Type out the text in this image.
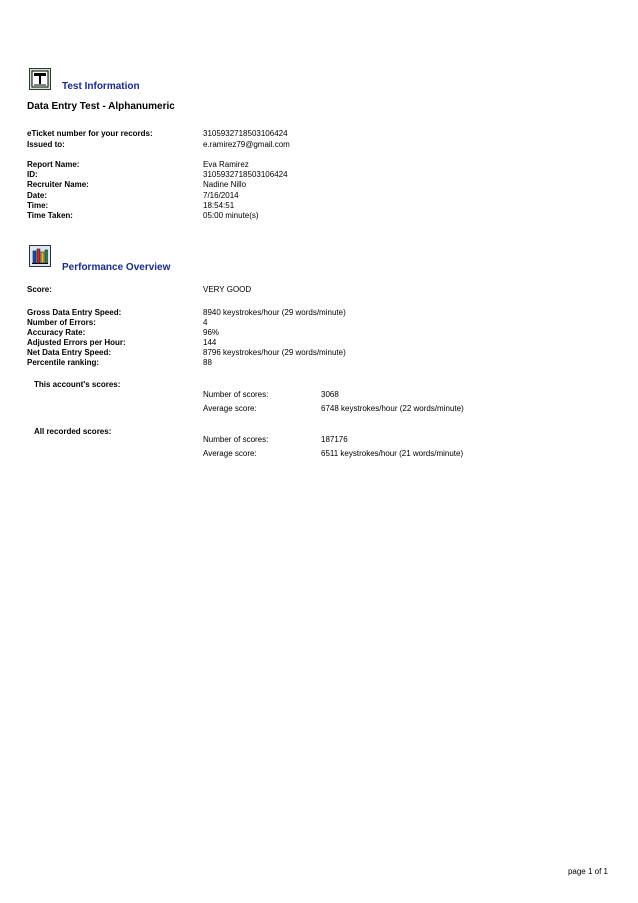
Test Information
Data Entry Test - Alphanumeric
eTicket number for your records:	3105932718503106424
Issued to:	e.ramirez79@gmail.com
Report Name:	Eva Ramirez
ID:	3105932718503106424
Recruiter Name:	Nadine Nillo
Date:	7/16/2014
Time:	18:54:51
Time Taken:	05:00 minute(s)
Performance Overview
Score:	VERY GOOD
Gross Data Entry Speed:	8940 keystrokes/hour (29 words/minute)
Number of Errors:	4
Accuracy Rate:	96%
Adjusted Errors per Hour:	144
Net Data Entry Speed:	8796 keystrokes/hour (29 words/minute)
Percentile ranking:	88
This account's scores:
Number of scores:	3068
Average score:	6748 keystrokes/hour (22 words/minute)
All recorded scores:
Number of scores:	187176
Average score:	6511 keystrokes/hour (21 words/minute)
page 1 of 1
